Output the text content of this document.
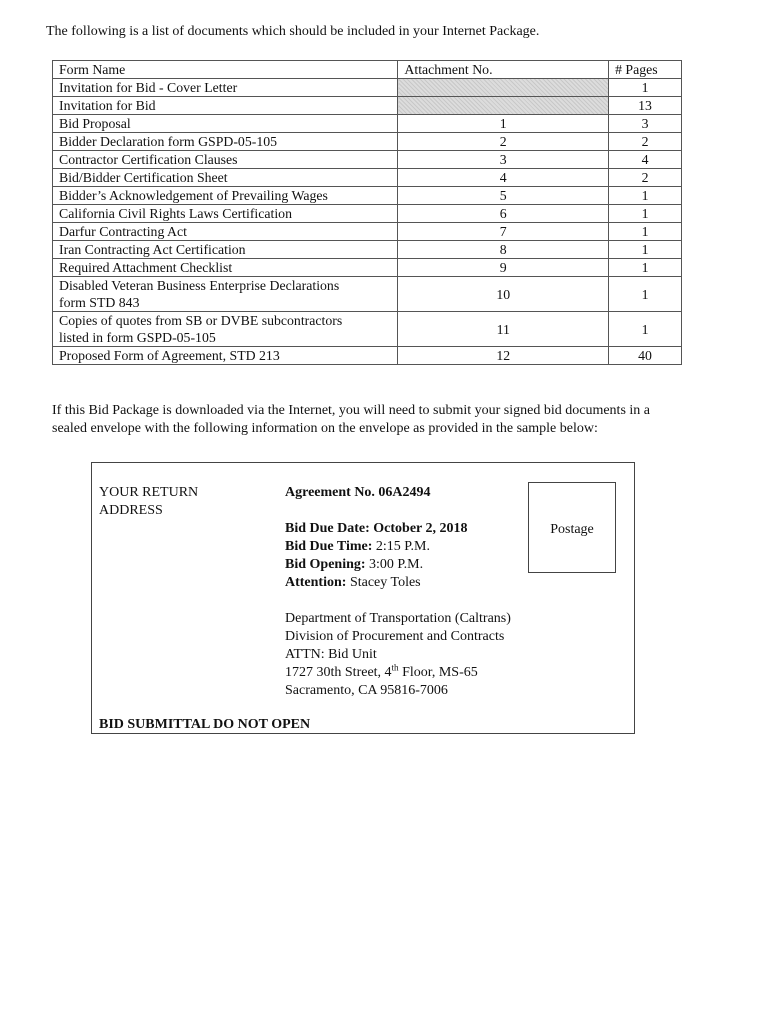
The following is a list of documents which should be included in your Internet Package.
Form Name	Attachment No.	# Pages

Invitation for Bid - Cover Letter		1

Invitation for Bid		13

Bid Proposal	1	3

Bidder Declaration form GSPD-05-105	2	2

Contractor Certification Clauses	3	4

Bid/Bidder Certification Sheet	4	2

Bidder’s Acknowledgement of Prevailing Wages	5	1

California Civil Rights Laws Certification	6	1

Darfur Contracting Act	7	1

Iran Contracting Act Certification	8	1

Required Attachment Checklist	9	1

Disabled Veteran Business Enterprise Declarations
form STD 843	10	1

Copies of quotes from SB or DVBE subcontractors
listed in form GSPD-05-105	11	1

Proposed Form of Agreement, STD 213	12	40
If this Bid Package is downloaded via the Internet, you will need to submit your signed bid documents in a sealed envelope with the following information on the envelope as provided in the sample below:
YOUR RETURN ADDRESS
Agreement No. 06A2494
Bid Due Date: October 2, 2018
Bid Due Time: 2:15 P.M.
Bid Opening: 3:00 P.M.
Attention: Stacey Toles
Department of Transportation (Caltrans)
Division of Procurement and Contracts
ATTN: Bid Unit
1727 30th Street, 4th Floor, MS-65
Sacramento, CA 95816-7006
Postage
BID SUBMITTAL DO NOT OPEN
